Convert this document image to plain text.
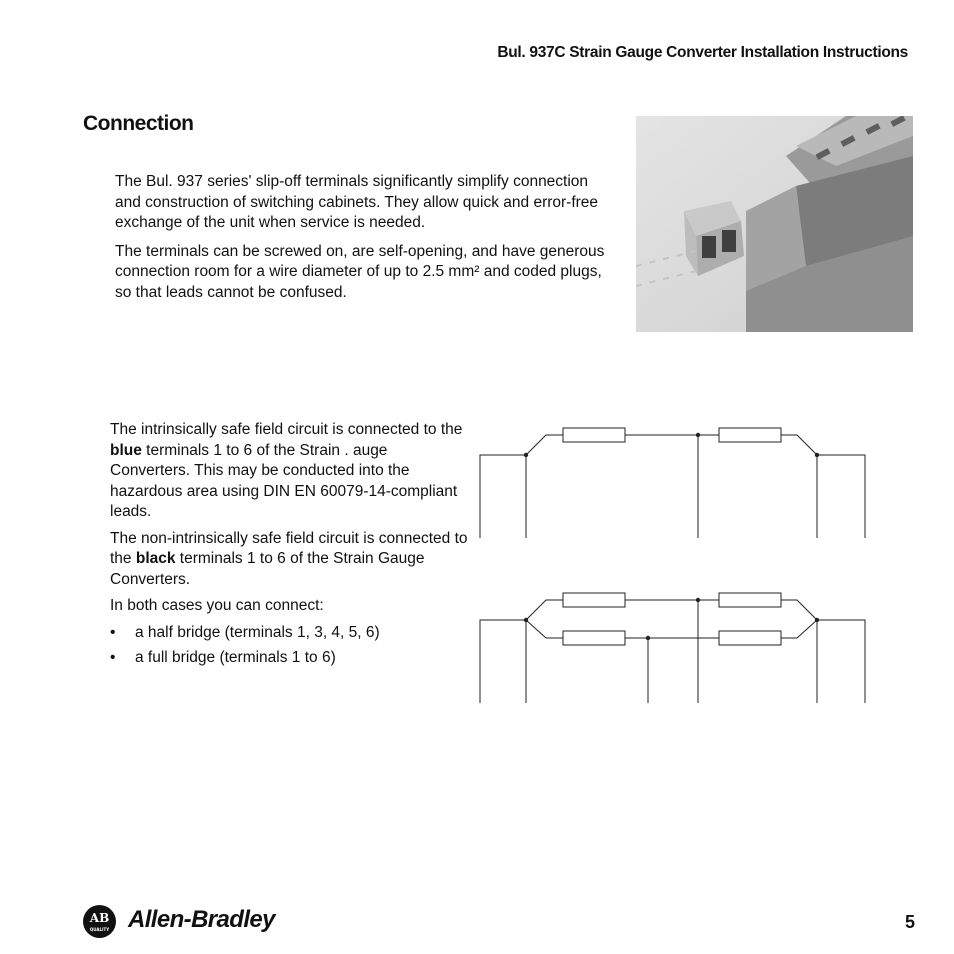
Bul. 937C Strain Gauge Converter Installation Instructions
Connection

The Bul. 937 series' slip-off terminals significantly simplify connection and construction of switching cabinets. They allow quick and error-free exchange of the unit when service is needed.

The terminals can be screwed on, are self-opening, and have generous connection room for a wire diameter of up to 2.5 mm² and coded plugs, so that leads cannot be confused.

The intrinsically safe field circuit is connected to the blue terminals 1 to 6 of the Strain . auge Converters. This may be conducted into the hazardous area using DIN EN 60079-14-compliant leads.

The non-intrinsically safe field circuit is connected to the black terminals 1 to 6 of the Strain Gauge Converters.

In both cases you can connect:

• a half bridge (terminals 1, 3, 4, 5, 6)
• a full bridge (terminals 1 to 6)
AB
QUALITY Allen-Bradley	5
